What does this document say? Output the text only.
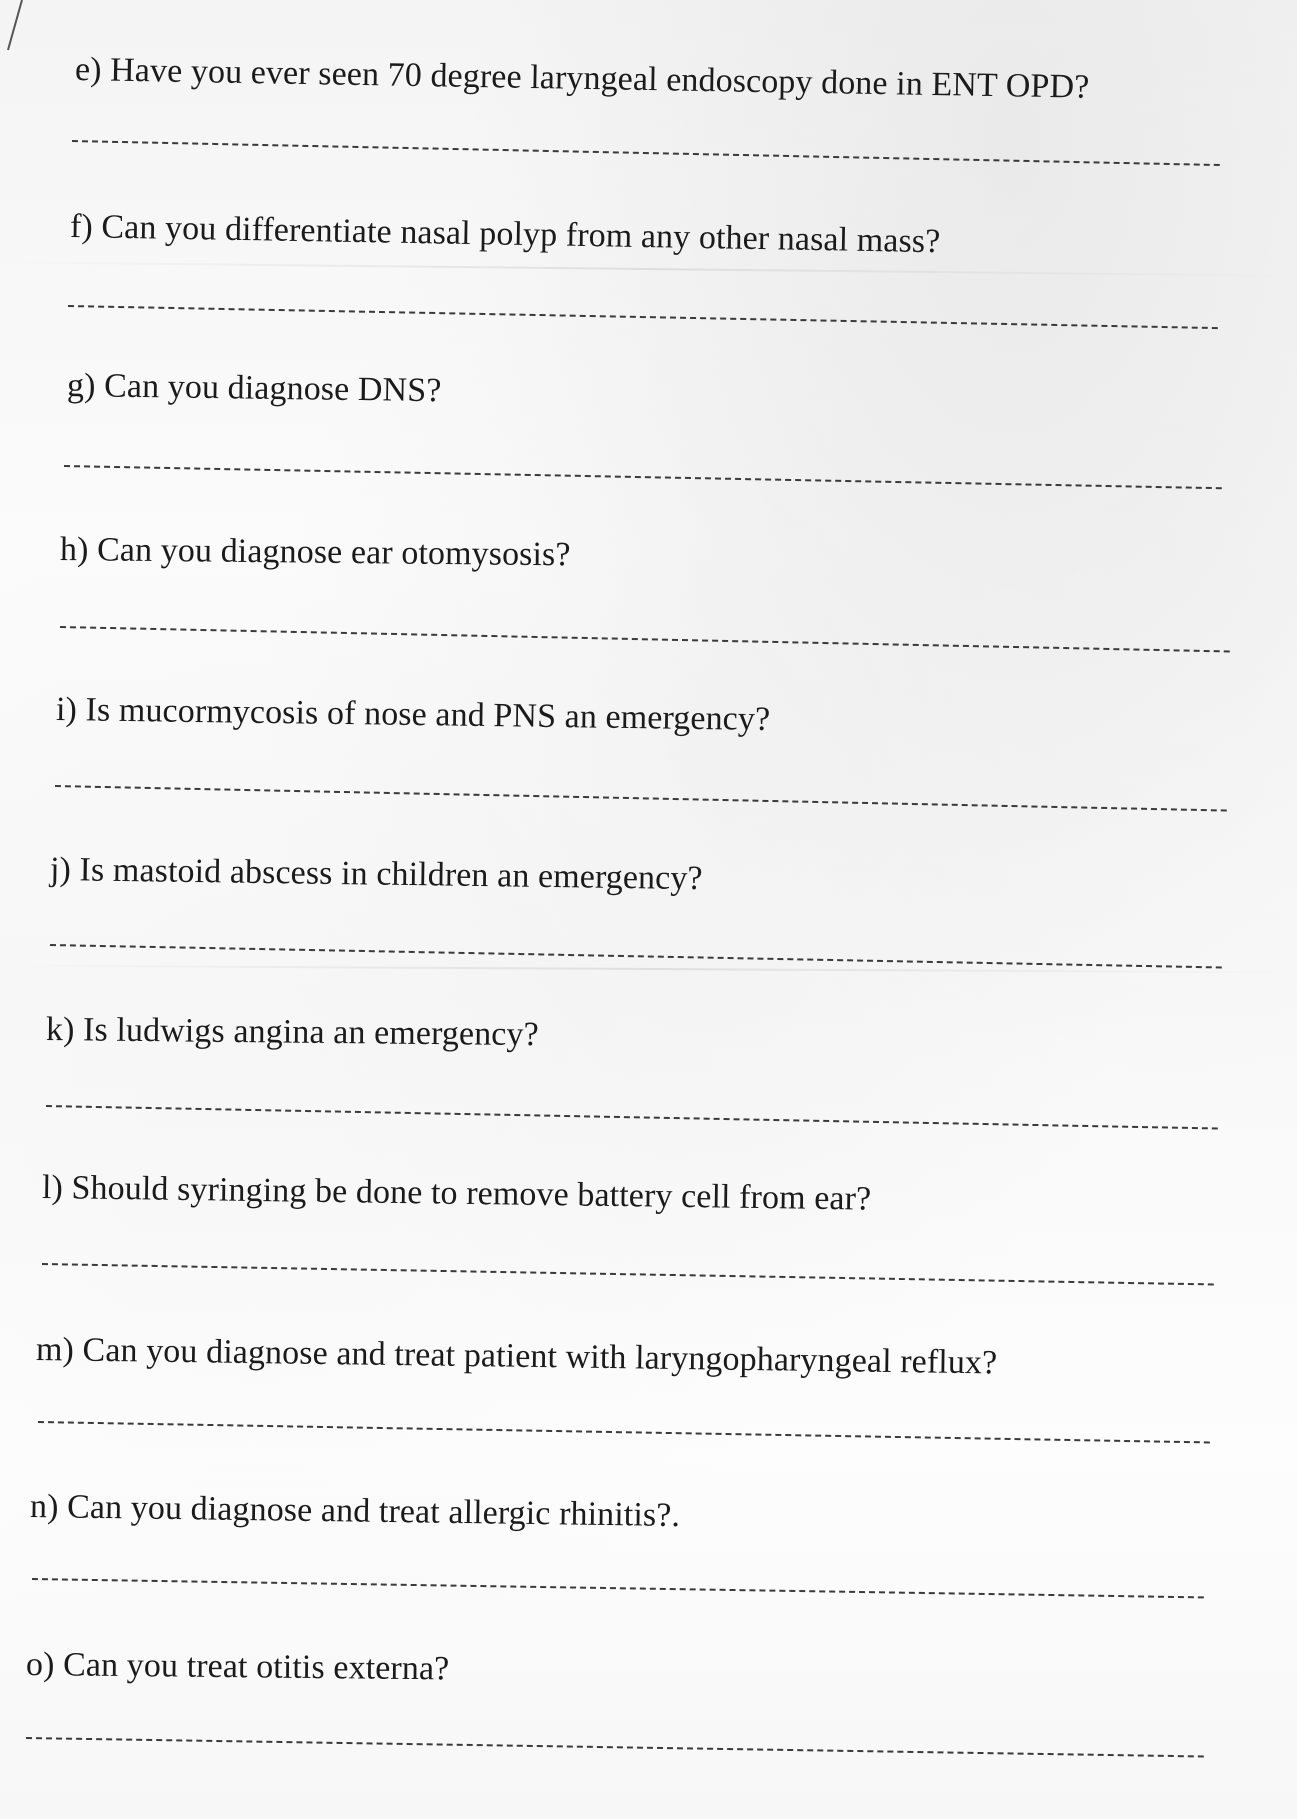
e) Have you ever seen 70 degree laryngeal endoscopy done in ENT OPD?
f) Can you differentiate nasal polyp from any other nasal mass?
g) Can you diagnose DNS?
h) Can you diagnose ear otomysosis?
i) Is mucormycosis of nose and PNS an emergency?
j) Is mastoid abscess in children an emergency?
k) Is ludwigs angina an emergency?
l) Should syringing be done to remove battery cell from ear?
m) Can you diagnose and treat patient with laryngopharyngeal reflux?
n) Can you diagnose and treat allergic rhinitis?.
o) Can you treat otitis externa?
